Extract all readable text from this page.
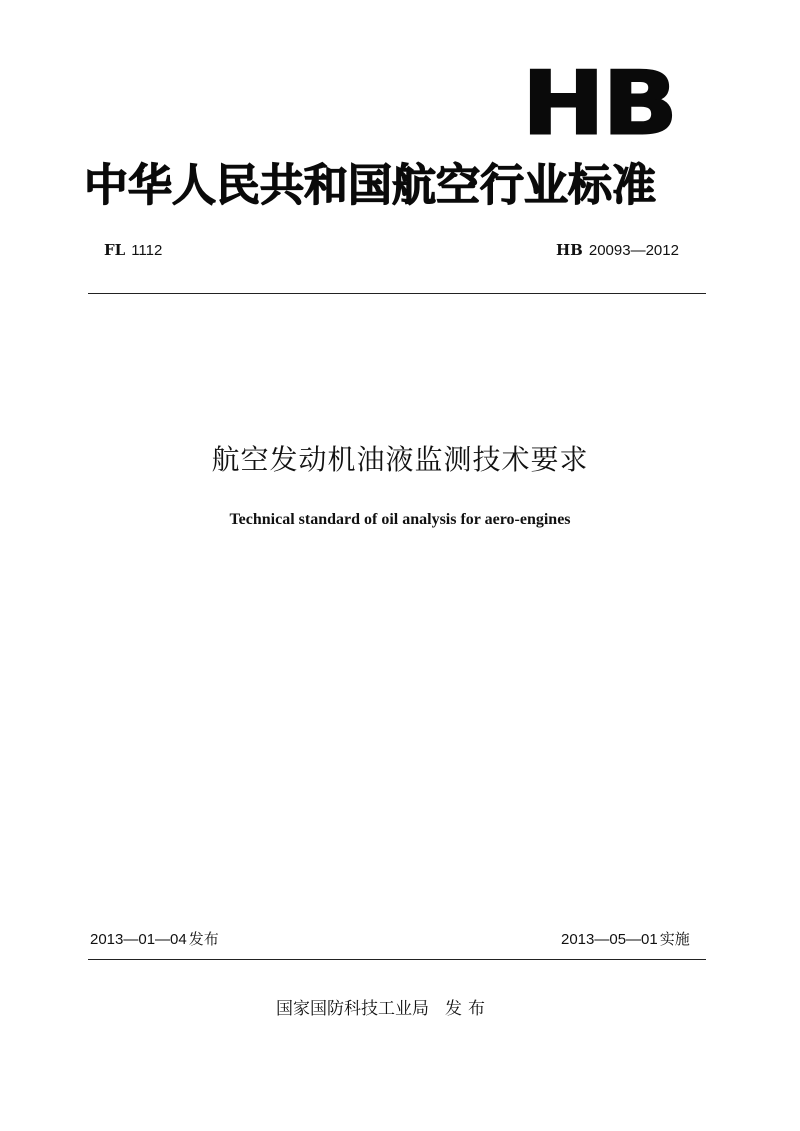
HB
中华人民共和国航空行业标准
FL 1112	HB 20093—2012
航空发动机油液监测技术要求
Technical standard of oil analysis for aero-engines
2013—01—04 发布	2013—05—01 实施
国家国防科技工业局 发布
